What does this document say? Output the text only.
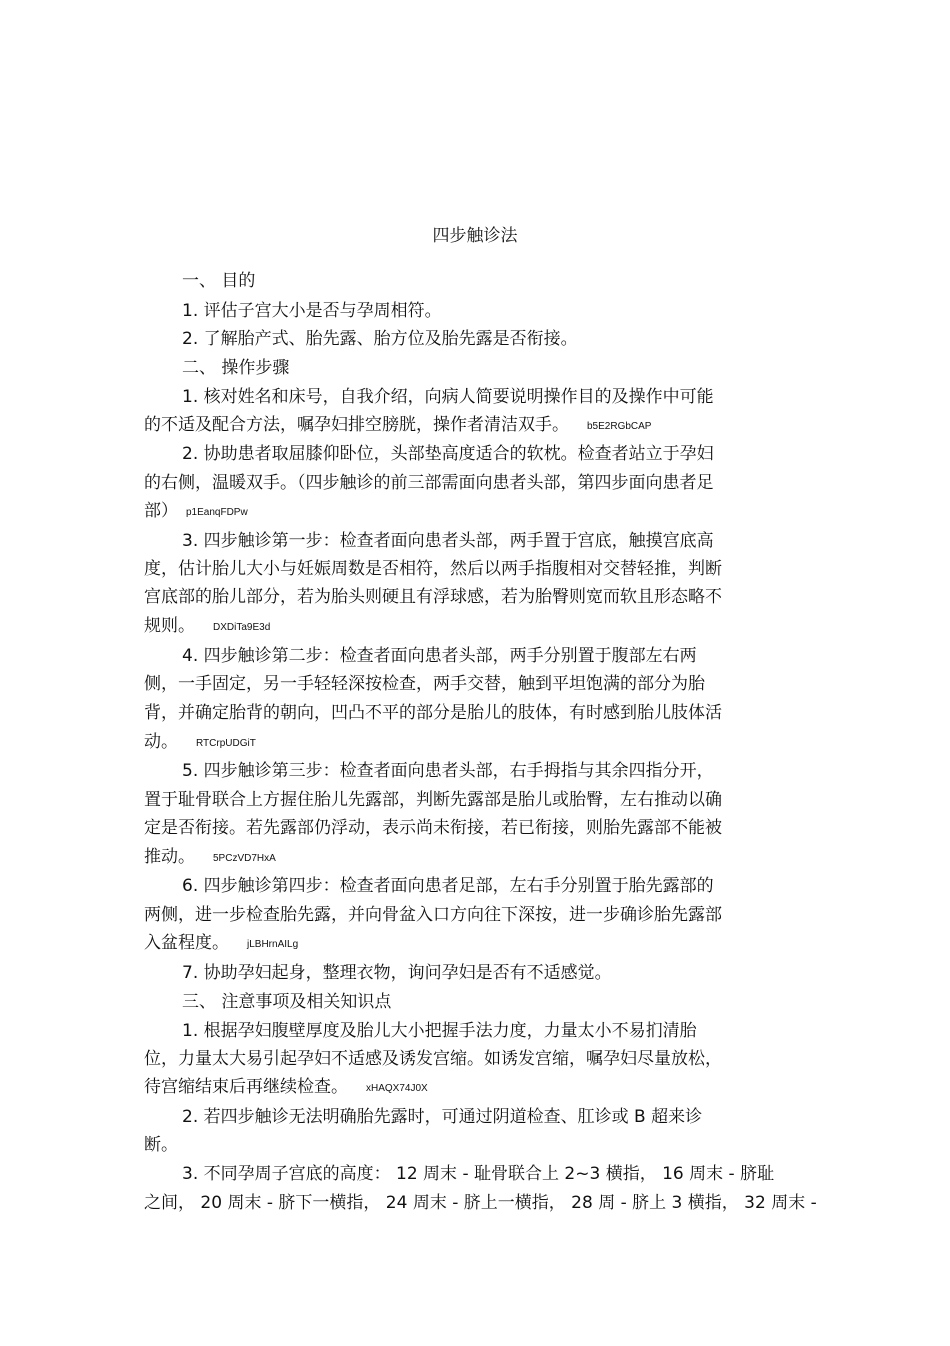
四步触诊法
一、 目的
1. 评估子宫大小是否与孕周相符。
2. 了解胎产式、胎先露、胎方位及胎先露是否衔接。
二、 操作步骤
1. 核对姓名和床号，自我介绍，向病人简要说明操作目的及操作中可能
的不适及配合方法，嘱孕妇排空膀胱，操作者清洁双手。 b5E2RGbCAP
2. 协助患者取屈膝仰卧位，头部垫高度适合的软枕。检查者站立于孕妇
的右侧，温暖双手。（四步触诊的前三部需面向患者头部，第四步面向患者足
部） p1EanqFDPw
3. 四步触诊第一步：检查者面向患者头部，两手置于宫底，触摸宫底高
度，估计胎儿大小与妊娠周数是否相符，然后以两手指腹相对交替轻推，判断
宫底部的胎儿部分，若为胎头则硬且有浮球感，若为胎臀则宽而软且形态略不
规则。 DXDiTa9E3d
4. 四步触诊第二步：检查者面向患者头部，两手分别置于腹部左右两
侧，一手固定，另一手轻轻深按检查，两手交替，触到平坦饱满的部分为胎
背，并确定胎背的朝向，凹凸不平的部分是胎儿的肢体，有时感到胎儿肢体活
动。 RTCrpUDGiT
5. 四步触诊第三步：检查者面向患者头部，右手拇指与其余四指分开，
置于耻骨联合上方握住胎儿先露部，判断先露部是胎儿或胎臀，左右推动以确
定是否衔接。若先露部仍浮动，表示尚未衔接，若已衔接，则胎先露部不能被
推动。 5PCzVD7HxA
6. 四步触诊第四步：检查者面向患者足部，左右手分别置于胎先露部的
两侧，进一步检查胎先露，并向骨盆入口方向往下深按，进一步确诊胎先露部
入盆程度。 jLBHrnAILg
7. 协助孕妇起身，整理衣物，询问孕妇是否有不适感觉。
三、 注意事项及相关知识点
1. 根据孕妇腹壁厚度及胎儿大小把握手法力度，力量太小不易扪清胎
位，力量太大易引起孕妇不适感及诱发宫缩。如诱发宫缩，嘱孕妇尽量放松，
待宫缩结束后再继续检查。 xHAQX74J0X
2. 若四步触诊无法明确胎先露时，可通过阴道检查、肛诊或 B 超来诊
断。
3. 不同孕周子宫底的高度： 12 周末 - 耻骨联合上 2~3 横指， 16 周末 - 脐耻
之间， 20 周末 - 脐下一横指， 24 周末 - 脐上一横指， 28 周 - 脐上 3 横指， 32 周末 -
